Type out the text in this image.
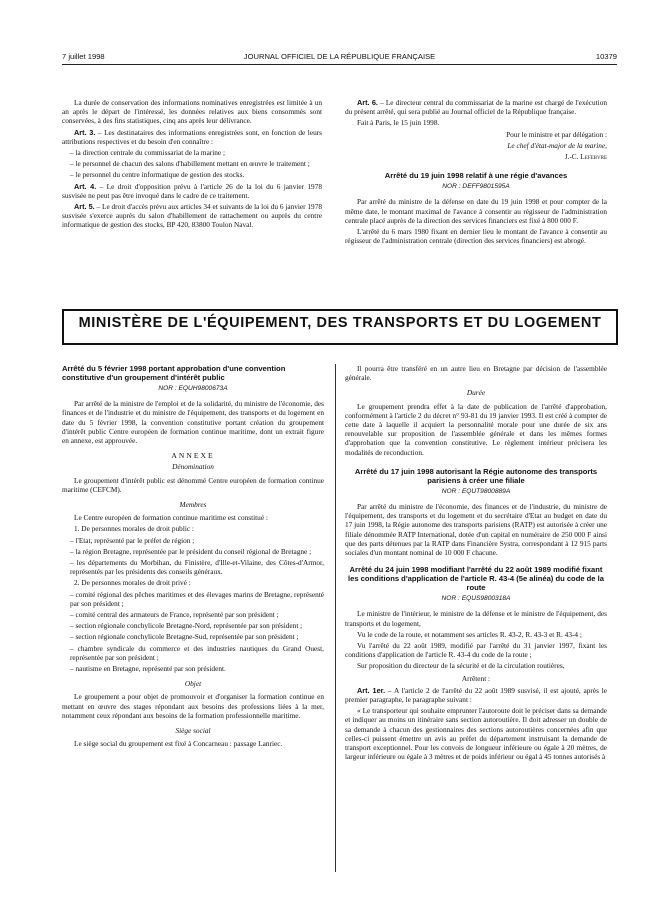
7 juillet 1998	JOURNAL OFFICIEL DE LA RÉPUBLIQUE FRANÇAISE	10379

La durée de conservation des informations nominatives enregistrées est limitée à un an après le départ de l'intéressé, les données relatives aux biens consommés sont conservées, à des fins statistiques, cinq ans après leur délivrance.

Art. 3. – Les destinataires des informations enregistrées sont, en fonction de leurs attributions respectives et du besoin d'en connaître :

– la direction centrale du commissariat de la marine ;

– le personnel de chacun des salons d'habillement mettant en œuvre le traitement ;

– le personnel du centre informatique de gestion des stocks.

Art. 4. – Le droit d'opposition prévu à l'article 26 de la loi du 6 janvier 1978 susvisée ne peut pas être invoqué dans le cadre de ce traitement.

Art. 5. – Le droit d'accès prévu aux articles 34 et suivants de la loi du 6 janvier 1978 susvisée s'exerce auprès du salon d'habillement de rattachement ou auprès du centre informatique de gestion des stocks, BP 420, 83800 Toulon Naval.

Art. 6. – Le directeur central du commissariat de la marine est chargé de l'exécution du présent arrêté, qui sera publié au Journal officiel de la République française.

Fait à Paris, le 15 juin 1998.

Pour le ministre et par délégation :

Le chef d'état-major de la marine,

J.-C. Lefebvre

Arrêté du 19 juin 1998 relatif à une régie d'avances
NOR : DEFF9801595A

Par arrêté du ministre de la défense en date du 19 juin 1998 et pour compter de la même date, le montant maximal de l'avance à consentir au régisseur de l'administration centrale placé auprès de la direction des services financiers est fixé à 800 000 F.

L'arrêté du 6 mars 1980 fixant en dernier lieu le montant de l'avance à consentir au régisseur de l'administration centrale (direction des services financiers) est abrogé.

MINISTÈRE DE L'ÉQUIPEMENT, DES TRANSPORTS ET DU LOGEMENT
Arrêté du 5 février 1998 portant approbation d'une convention constitutive d'un groupement d'intérêt public
NOR : EQUH9800673A

Par arrêté de la ministre de l'emploi et de la solidarité, du ministre de l'économie, des finances et de l'industrie et du ministre de l'équipement, des transports et du logement en date du 5 février 1998, la convention constitutive portant création du groupement d'intérêt public Centre européen de formation continue maritime, dont un extrait figure en annexe, est approuvée.

ANNEXE
Dénomination

Le groupement d'intérêt public est dénommé Centre européen de formation continue maritime (CEFCM).

Membres

Le Centre européen de formation continue maritime est constitué :

1. De personnes morales de droit public :

– l'Etat, représenté par le préfet de région ;

– la région Bretagne, représentée par le président du conseil régional de Bretagne ;

– les départements du Morbihan, du Finistère, d'Ille-et-Vilaine, des Côtes-d'Armor, représentés par les présidents des conseils généraux.

2. De personnes morales de droit privé :

– comité régional des pêches maritimes et des élevages marins de Bretagne, représenté par son président ;

– comité central des armateurs de France, représenté par son président ;

– section régionale conchylicole Bretagne-Nord, représentée par son président ;

– section régionale conchylicole Bretagne-Sud, représentée par son président ;

– chambre syndicale du commerce et des industries nautiques du Grand Ouest, représentée par son président ;

– nautisme en Bretagne, représenté par son président.

Objet

Le groupement a pour objet de promouvoir et d'organiser la formation continue en mettant en œuvre des stages répondant aux besoins des professions liées à la mer, notamment ceux répondant aux besoins de la formation professionnelle maritime.

Siège social

Le siège social du groupement est fixé à Concarneau : passage Lanriec.

Il pourra être transféré en un autre lieu en Bretagne par décision de l'assemblée générale.

Durée

Le groupement prendra effet à la date de publication de l'arrêté d'approbation, conformément à l'article 2 du décret n° 93-81 du 19 janvier 1993. Il est créé à compter de cette date à laquelle il acquiert la personnalité morale pour une durée de six ans renouvelable sur proposition de l'assemblée générale et dans les mêmes formes d'approbation que la convention constitutive. Le règlement intérieur précisera les modalités de reconduction.

Arrêté du 17 juin 1998 autorisant la Régie autonome des transports parisiens à créer une filiale
NOR : EQUT9800889A

Par arrêté du ministre de l'économie, des finances et de l'industrie, du ministre de l'équipement, des transports et du logement et du secrétaire d'Etat au budget en date du 17 juin 1998, la Régie autonome des transports parisiens (RATP) est autorisée à créer une filiale dénommée RATP International, dotée d'un capital en numéraire de 250 000 F ainsi que des parts détenues par la RATP dans Financière Systra, correspondant à 12 915 parts sociales d'un montant nominal de 10 000 F chacune.

Arrêté du 24 juin 1998 modifiant l'arrêté du 22 août 1989 modifié fixant les conditions d'application de l'article R. 43-4 (5e alinéa) du code de la route
NOR : EQUS9800318A

Le ministre de l'intérieur, le ministre de la défense et le ministre de l'équipement, des transports et du logement,

Vu le code de la route, et notamment ses articles R. 43-2, R. 43-3 et R. 43-4 ;

Vu l'arrêté du 22 août 1989, modifié par l'arrêté du 31 janvier 1997, fixant les conditions d'application de l'article R. 43-4 du code de la route ;

Sur proposition du directeur de la sécurité et de la circulation routières,

Arrêtent :

Art. 1er. – A l'article 2 de l'arrêté du 22 août 1989 susvisé, il est ajouté, après le premier paragraphe, le paragraphe suivant :

« Le transporteur qui souhaite emprunter l'autoroute doit le préciser dans sa demande et indiquer au moins un itinéraire sans section autoroutière. Il doit adresser un double de sa demande à chacun des gestionnaires des sections autoroutières concernées afin que celles-ci puissent émettre un avis au préfet du département instruisant la demande de transport exceptionnel. Pour les convois de longueur inférieure ou égale à 20 mètres, de largeur inférieure ou égale à 3 mètres et de poids inférieur ou égal à 45 tonnes autorisés à
